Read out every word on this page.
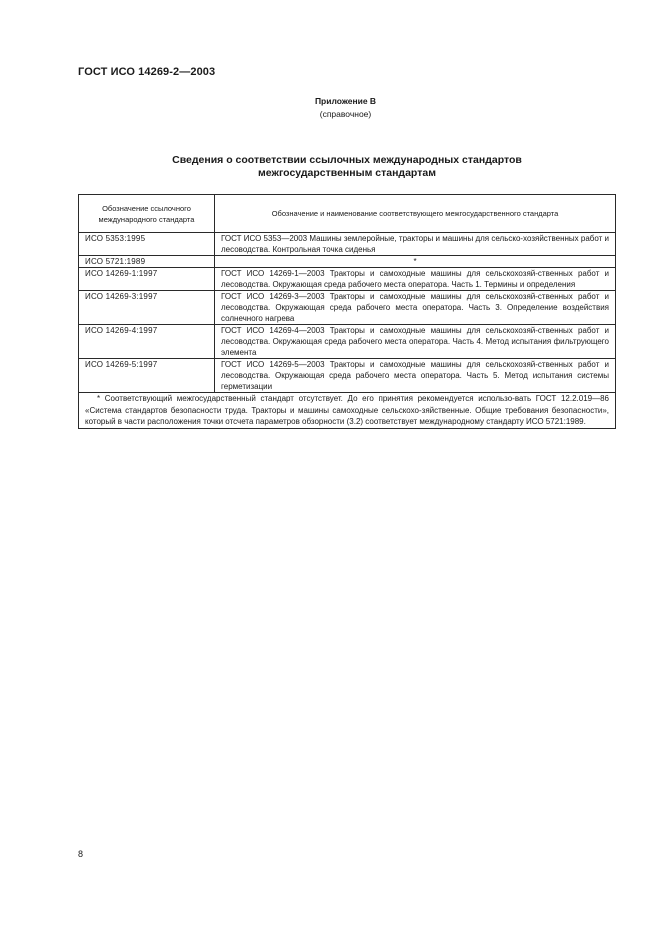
ГОСТ ИСО 14269-2—2003
Приложение В
(справочное)
Сведения о соответствии ссылочных международных стандартов
межгосударственным стандартам
Обозначение ссылочного международного стандарта	Обозначение и наименование соответствующего межгосударственного стандарта
ИСО 5353:1995	ГОСТ ИСО 5353—2003 Машины землеройные, тракторы и машины для сельско-хозяйственных работ и лесоводства. Контрольная точка сиденья
ИСО 5721:1989	*
ИСО 14269-1:1997	ГОСТ ИСО 14269-1—2003 Тракторы и самоходные машины для сельскохозяй-ственных работ и лесоводства. Окружающая среда рабочего места оператора. Часть 1. Термины и определения
ИСО 14269-3:1997	ГОСТ ИСО 14269-3—2003 Тракторы и самоходные машины для сельскохозяй-ственных работ и лесоводства. Окружающая среда рабочего места оператора. Часть 3. Определение воздействия солнечного нагрева
ИСО 14269-4:1997	ГОСТ ИСО 14269-4—2003 Тракторы и самоходные машины для сельскохозяй-ственных работ и лесоводства. Окружающая среда рабочего места оператора. Часть 4. Метод испытания фильтрующего элемента
ИСО 14269-5:1997	ГОСТ ИСО 14269-5—2003 Тракторы и самоходные машины для сельскохозяй-ственных работ и лесоводства. Окружающая среда рабочего места оператора. Часть 5. Метод испытания системы герметизации
* Соответствующий межгосударственный стандарт отсутствует. До его принятия рекомендуется использо-вать ГОСТ 12.2.019—86 «Система стандартов безопасности труда. Тракторы и машины самоходные сельскохо-зяйственные. Общие требования безопасности», который в части расположения точки отсчета параметров обзорности (3.2) соответствует международному стандарту ИСО 5721:1989.	
8
